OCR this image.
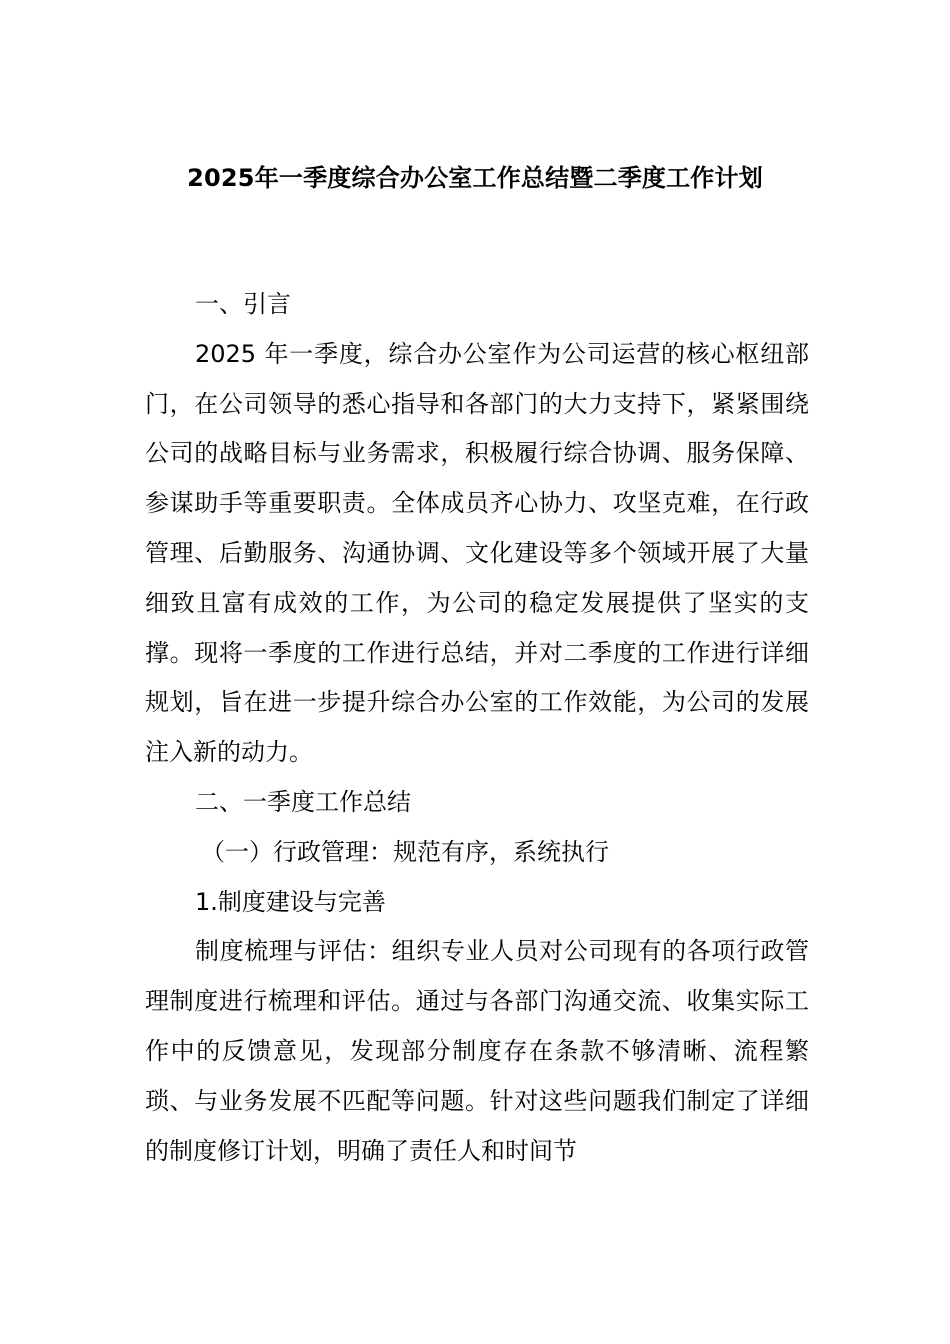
2025年一季度综合办公室工作总结暨二季度工作计划

一、引言

2025 年一季度，综合办公室作为公司运营的核心枢纽部门，在公司领导的悉心指导和各部门的大力支持下，紧紧围绕公司的战略目标与业务需求，积极履行综合协调、服务保障、参谋助手等重要职责。全体成员齐心协力、攻坚克难，在行政管理、后勤服务、沟通协调、文化建设等多个领域开展了大量细致且富有成效的工作，为公司的稳定发展提供了坚实的支撑。现将一季度的工作进行总结，并对二季度的工作进行详细规划，旨在进一步提升综合办公室的工作效能，为公司的发展注入新的动力。

二、一季度工作总结

（一）行政管理：规范有序，系统执行

1.制度建设与完善

制度梳理与评估：组织专业人员对公司现有的各项行政管理制度进行梳理和评估。通过与各部门沟通交流、收集实际工作中的反馈意见，发现部分制度存在条款不够清晰、流程繁琐、与业务发展不匹配等问题。针对这些问题我们制定了详细的制度修订计划，明确了责任人和时间节
